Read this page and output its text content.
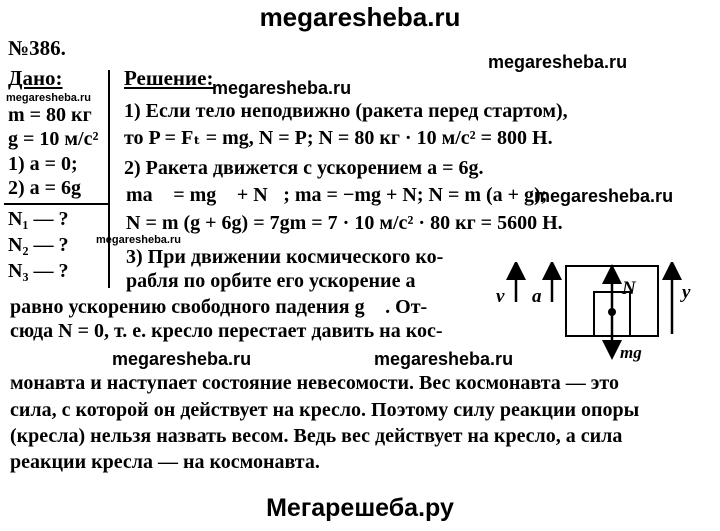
megaresheba.ru
megaresheba.ru
№386.
Дано:
megaresheba.ru
m = 80 кг
g = 10 м/с²
1) a = 0;
2) a = 6g
N₁ — ?
N₂ — ?
N₃ — ?
Решение:
megaresheba.ru
1) Если тело неподвижно (ракета перед стартом),
то P = Fₜ = mg, N = P; N = 80 кг · 10 м/с² = 800 Н.
2) Ракета движется с ускорением a = 6g.
ma⃗ = mg⃗ + N⃗; ma = −mg + N; N = m (a + g);
megaresheba.ru
N = m (g + 6g) = 7gm = 7 · 10 м/с² · 80 кг = 5600 Н.
megaresheba.ru
3) При движении космического ко-
рабля по орбите его ускорение a⃗
равно ускорению свободного падения g⃗ . От-
сюда N = 0, т. е. кресло перестает давить на кос-
megaresheba.ru	megaresheba.ru
монавта и наступает состояние невесомости. Вес космонавта — это
сила, с которой он действует на кресло. Поэтому силу реакции опоры
(кресла) нельзя назвать весом. Ведь вес действует на кресло, а сила
реакции кресла — на космонавта.
v⃗ a⃗	N⃗
mg⃗
y
Мегарешеба.ру
